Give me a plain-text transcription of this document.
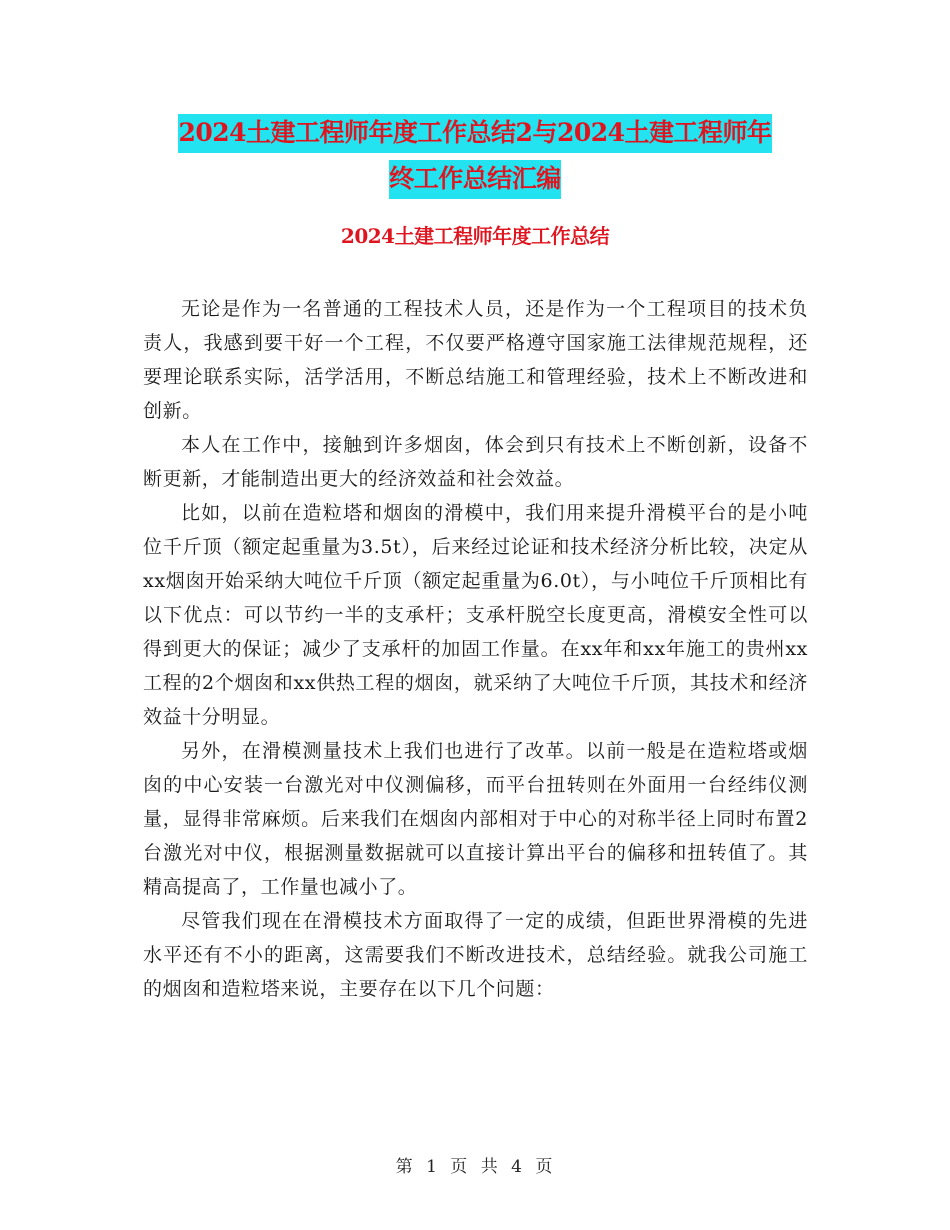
2024土建工程师年度工作总结2与2024土建工程师年
终工作总结汇编
2024土建工程师年度工作总结

无论是作为一名普通的工程技术人员，还是作为一个工程项目的技术负责人，我感到要干好一个工程，不仅要严格遵守国家施工法律规范规程，还要理论联系实际，活学活用，不断总结施工和管理经验，技术上不断改进和创新。

本人在工作中，接触到许多烟囱，体会到只有技术上不断创新，设备不断更新，才能制造出更大的经济效益和社会效益。

比如，以前在造粒塔和烟囱的滑模中，我们用来提升滑模平台的是小吨位千斤顶（额定起重量为3.5t），后来经过论证和技术经济分析比较，决定从xx烟囱开始采纳大吨位千斤顶（额定起重量为6.0t），与小吨位千斤顶相比有以下优点：可以节约一半的支承杆；支承杆脱空长度更高，滑模安全性可以得到更大的保证；减少了支承杆的加固工作量。在xx年和xx年施工的贵州xx工程的2个烟囱和xx供热工程的烟囱，就采纳了大吨位千斤顶，其技术和经济效益十分明显。

另外，在滑模测量技术上我们也进行了改革。以前一般是在造粒塔或烟囱的中心安装一台激光对中仪测偏移，而平台扭转则在外面用一台经纬仪测量，显得非常麻烦。后来我们在烟囱内部相对于中心的对称半径上同时布置2台激光对中仪，根据测量数据就可以直接计算出平台的偏移和扭转值了。其精高提高了，工作量也减小了。

尽管我们现在在滑模技术方面取得了一定的成绩，但距世界滑模的先进水平还有不小的距离，这需要我们不断改进技术，总结经验。就我公司施工的烟囱和造粒塔来说，主要存在以下几个问题：

第 1 页 共 4 页
